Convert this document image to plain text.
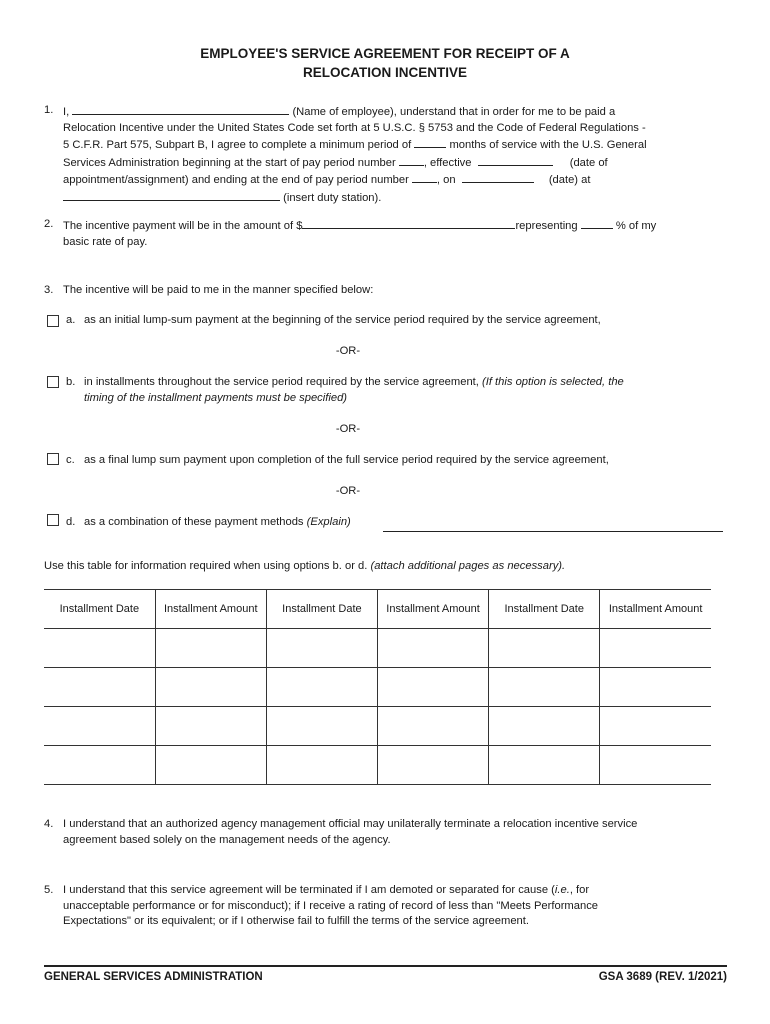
EMPLOYEE'S SERVICE AGREEMENT FOR RECEIPT OF A
RELOCATION INCENTIVE
1. I,	(Name of employee), understand that in order for me to be paid a
Relocation Incentive under the United States Code set forth at 5 U.S.C. § 5753 and the Code of Federal Regulations -
5 C.F.R. Part 575, Subpart B, I agree to complete a minimum period of	months of service with the U.S. General
Services Administration beginning at the start of pay period number	, effective	(date of
appointment/assignment) and ending at the end of pay period number	, on	(date) at
(insert duty station).
2. The incentive payment will be in the amount of $	representing	% of my
basic rate of pay.
3. The incentive will be paid to me in the manner specified below:
a. as an initial lump-sum payment at the beginning of the service period required by the service agreement,
-OR-
b. in installments throughout the service period required by the service agreement, (If this option is selected, the
timing of the installment payments must be specified)
-OR-
c. as a final lump sum payment upon completion of the full service period required by the service agreement,
-OR-
d. as a combination of these payment methods (Explain)
Use this table for information required when using options b. or d. (attach additional pages as necessary).
Installment Date	Installment Amount	Installment Date	Installment Amount	Installment Date	Installment Amount

4. I understand that an authorized agency management official may unilaterally terminate a relocation incentive service
agreement based solely on the management needs of the agency.
5. I understand that this service agreement will be terminated if I am demoted or separated for cause (i.e., for
unacceptable performance or for misconduct); if I receive a rating of record of less than "Meets Performance
Expectations" or its equivalent; or if I otherwise fail to fulfill the terms of the service agreement.
GENERAL SERVICES ADMINISTRATION	GSA 3689 (REV. 1/2021)
